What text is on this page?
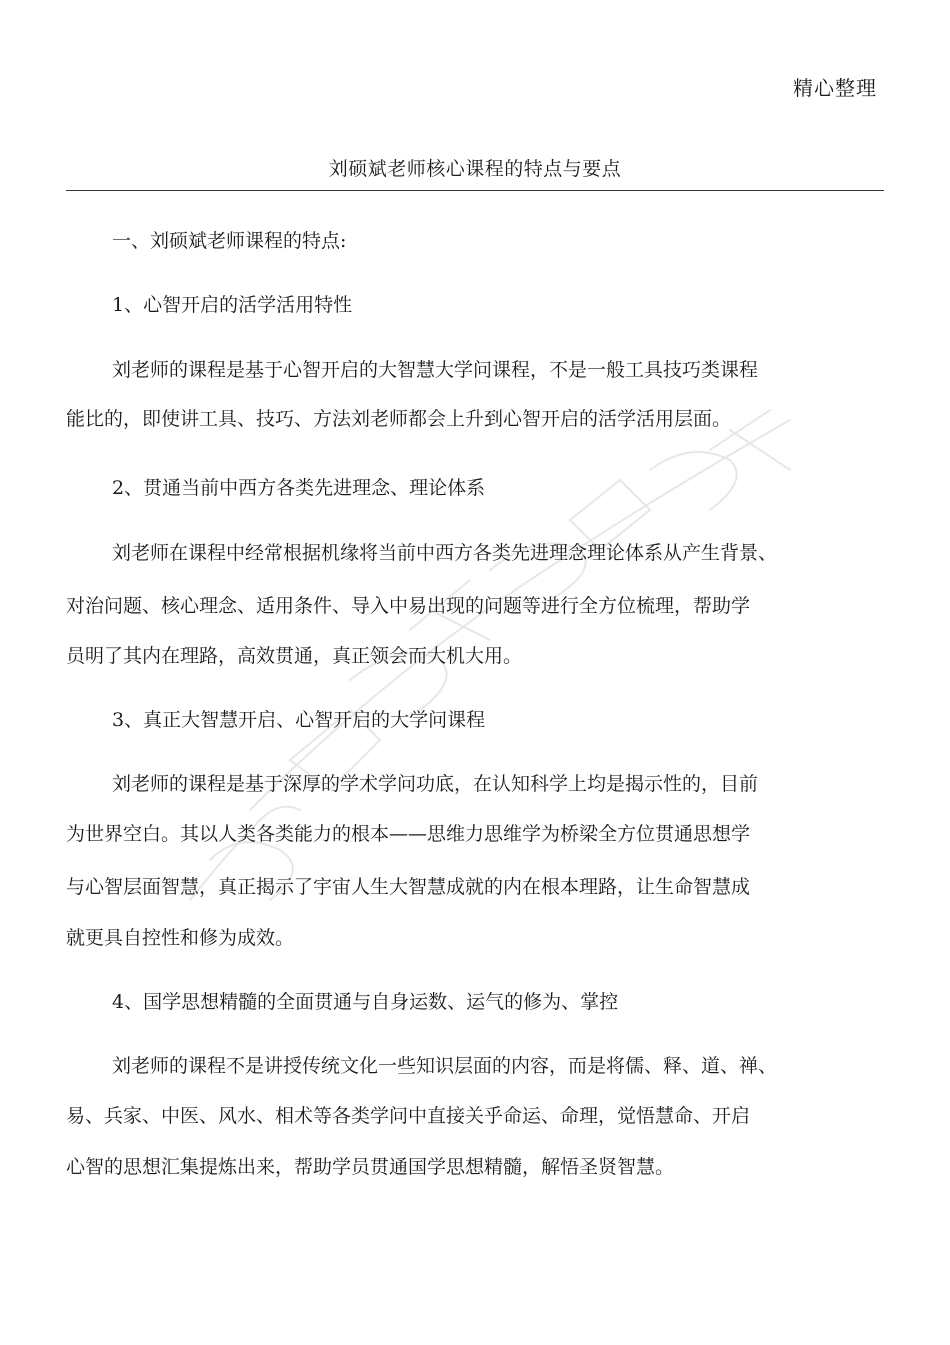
精心整理
刘硕斌老师核心课程的特点与要点
一、刘硕斌老师课程的特点:
1、心智开启的活学活用特性
刘老师的课程是基于心智开启的大智慧大学问课程，不是一般工具技巧类课程
能比的，即使讲工具、技巧、方法刘老师都会上升到心智开启的活学活用层面。
2、贯通当前中西方各类先进理念、理论体系
刘老师在课程中经常根据机缘将当前中西方各类先进理念理论体系从产生背景、
对治问题、核心理念、适用条件、导入中易出现的问题等进行全方位梳理，帮助学
员明了其内在理路，高效贯通，真正领会而大机大用。
3、真正大智慧开启、心智开启的大学问课程
刘老师的课程是基于深厚的学术学问功底，在认知科学上均是揭示性的，目前
为世界空白。其以人类各类能力的根本——思维力思维学为桥梁全方位贯通思想学
与心智层面智慧，真正揭示了宇宙人生大智慧成就的内在根本理路，让生命智慧成
就更具自控性和修为成效。
4、国学思想精髓的全面贯通与自身运数、运气的修为、掌控
刘老师的课程不是讲授传统文化一些知识层面的内容，而是将儒、释、道、禅、
易、兵家、中医、风水、相术等各类学问中直接关乎命运、命理，觉悟慧命、开启
心智的思想汇集提炼出来，帮助学员贯通国学思想精髓，解悟圣贤智慧。
